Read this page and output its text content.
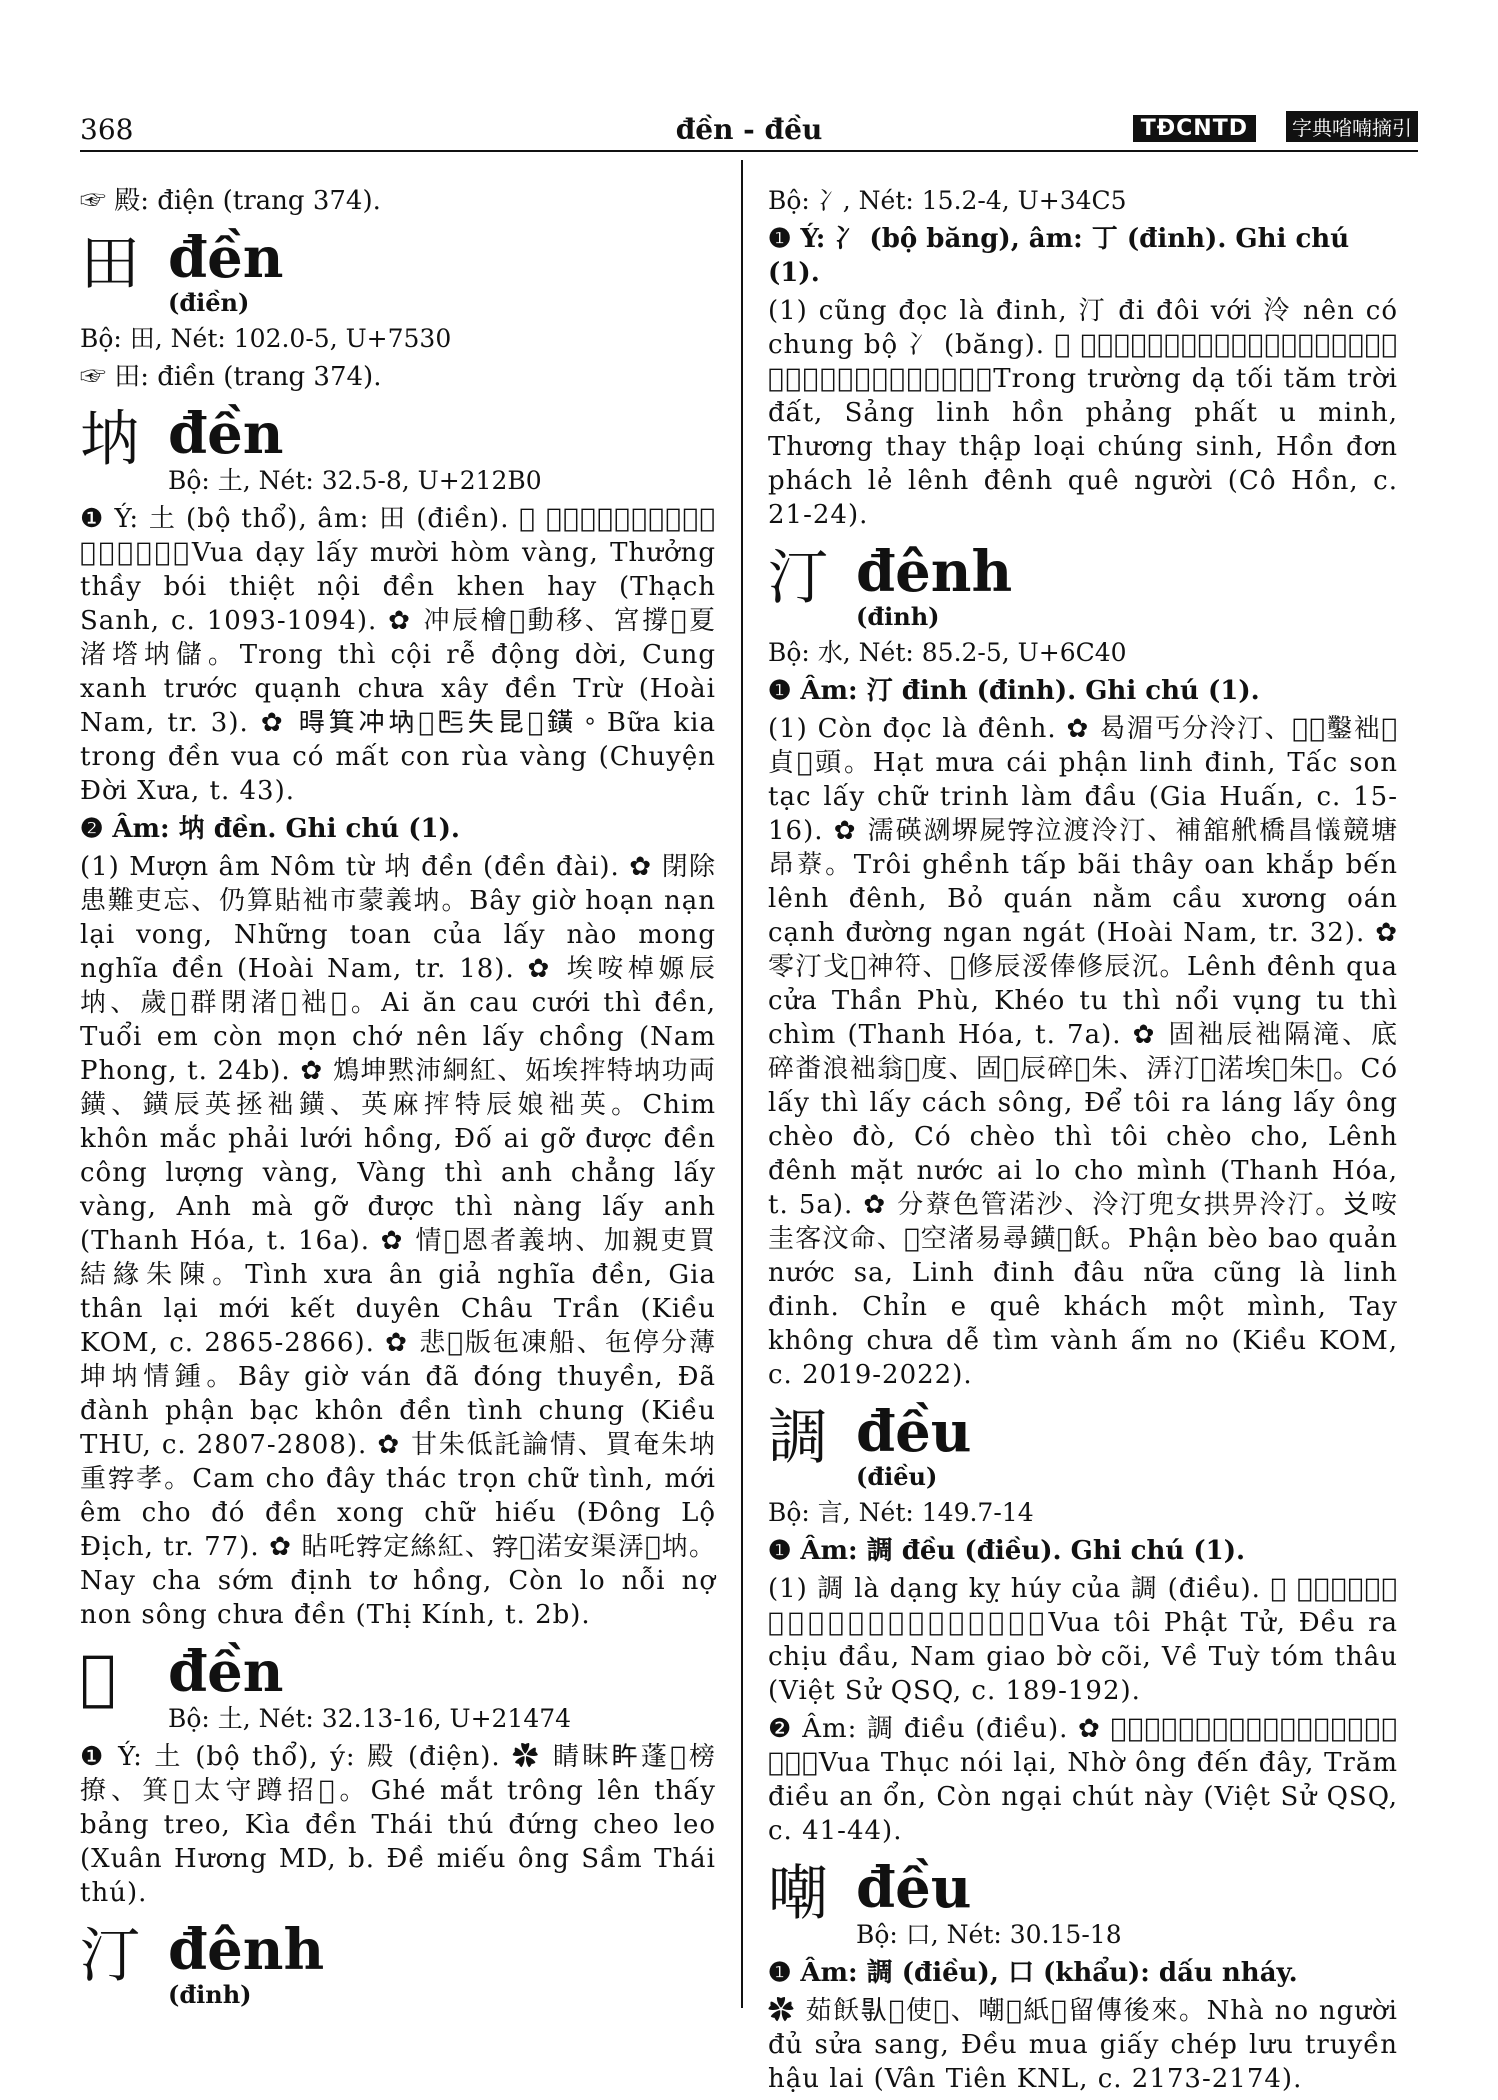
368	đền - đều	TĐCNTD	字典㗂喃摘引

☞ 殿: điện (trang 374).

田 đền
(điền)

Bộ: 田, Nét: 102.0-5, U+7530

☞ 田: điền (trang 374).

㘨 đền
Bộ: 土, Nét: 32.5-8, U+212B0

❶ Ý: 土 (bộ thổ), âm: 田 (điền). ✿ 𢬣𠰍袦𨕭𠄼鐄、賞柴𨁪實內㘨𠯹台。Vua dạy lấy mười hòm vàng, Thưởng thầy bói thiệt nội đền khen hay (Thạch Sanh, c. 1093-1094). ✿ 冲辰檜𣘈動移、宮撐𥾽夏渚㙮㘨儲。Trong thì cội rễ động dời, Cung xanh trước quạnh chưa xây đền Trừ (Hoài Nam, tr. 3). ✿ 𣈜箕冲㘨𢬣𠀧失昆𪛇鐄。Bữa kia trong đền vua có mất con rùa vàng (Chuyện Đời Xưa, t. 43).

❷ Âm: 㘨 đền. Ghi chú (1).

(1) Mượn âm Nôm từ 㘨 đền (đền đài). ✿ 閉除患難吏忘、仍算貼袦市蒙義㘨。Bây giờ hoạn nạn lại vong, Những toan của lấy nào mong nghĩa đền (Hoài Nam, tr. 18). ✿ 埃咹棹嫄辰㘨、歲𡛔群閉渚𤵺袦𡥵。Ai ăn cau cưới thì đền, Tuổi em còn mọn chớ nên lấy chồng (Nam Phong, t. 24b). ✿ 鴆坤黙沛絅紅、妬埃𢭂特㘨功両鐄、鐄辰英拯袦鐄、英麻𢭂特辰娘袦英。Chim khôn mắc phải lưới hồng, Đố ai gỡ được đền công lượng vàng, Vàng thì anh chẳng lấy vàng, Anh mà gỡ được thì nàng lấy anh (Thanh Hóa, t. 16a). ✿ 情𠸗恩者義㘨、加親吏買結緣朱陳。Tình xưa ân giả nghĩa đền, Gia thân lại mới kết duyên Châu Trần (Kiều KOM, c. 2865-2866). ✿ 悲𣇞版㐌凍船、㐌停分薄坤㘨情鍾。Bây giờ ván đã đóng thuyền, Đã đành phận bạc khôn đền tình chung (Kiều THU, c. 2807-2808). ✿ 甘朱低託論情、買奄朱㘨重𡦂孝。Cam cho đây thác trọn chữ tình, mới êm cho đó đền xong chữ hiếu (Đông Lộ Địch, tr. 77). ✿ 䀡吒𡦂定絲紅、𡦂𢚸渃安渠㳥𡗶㘨。Nay cha sớm định tơ hồng, Còn lo nỗi nợ non sông chưa đền (Thị Kính, t. 2b).

𡐙 đền
Bộ: 土, Nét: 32.13-16, U+21474

❶ Ý: 土 (bộ thổ), ý: 殿 (điện). ✿ 睛眜𥄭蓬𧡊榜撩、箕𡐙太守蹲招𧿆。Ghé mắt trông lên thấy bảng treo, Kìa đền Thái thú đứng cheo leo (Xuân Hương MD, b. Đề miếu ông Sầm Thái thú).

汀 đênh
(đinh)

Bộ: 冫, Nét: 15.2-4, U+34C5

❶ Ý: 冫 (bộ băng), âm: 丁 (đinh). Ghi chú (1).

(1) cũng đọc là đinh, 汀 đi đôi với 泠 nên có chung bộ 冫 (băng). ✿ 𠻵長夜最心𥐥坦、爽靈魂彷彿幽冥、傷台十類眾生、魂單魄禮泠汀圭𠊚。Trong trường dạ tối tăm trời đất, Sảng linh hồn phảng phất u minh, Thương thay thập loại chúng sinh, Hồn đơn phách lẻ lênh đênh quê người (Cô Hồn, c. 21-24).

汀 đênh
(đinh)

Bộ: 水, Nét: 85.2-5, U+6C40

❶ Âm: 汀 đinh (đinh). Ghi chú (1).

(1) Còn đọc là đênh. ✿ 曷湄丐分泠汀、𦲿𦀼鑿袦𡨹貞𡗉頭。Hạt mưa cái phận linh đinh, Tấc son tạc lấy chữ trinh làm đầu (Gia Huấn, c. 15-16). ✿ 濡碤𣸠堺屍𡨸泣渡泠汀、補舘𦨮橋昌𢣂競塘昂𦼔。Trôi ghềnh tấp bãi thây oan khắp bến lênh đênh, Bỏ quán nằm cầu xương oán cạnh đường ngan ngát (Hoài Nam, tr. 32). ✿ 零汀戈𦋦神符、𥪝修辰浽俸修辰沉。Lênh đênh qua cửa Thần Phù, Khéo tu thì nổi vụng tu thì chìm (Thanh Hóa, t. 7a). ✿ 固袦辰袦隔滝、底碎畨浪袦翁𢭮度、固𢭮辰碎𢭮朱、㳥汀𩈘渃埃𢚸朱𨉓。Có lấy thì lấy cách sông, Để tôi ra láng lấy ông chèo đò, Có chèo thì tôi chèo cho, Lênh đênh mặt nước ai lo cho mình (Thanh Hóa, t. 5a). ✿ 分𦼔色管渃沙、泠汀兜女拱畀泠汀。𠬠咹圭客汶命、𢬣空渚易尋鐄𩛷飫。Phận bèo bao quản nước sa, Linh đinh đâu nữa cũng là linh đinh. Chỉn e quê khách một mình, Tay không chưa dễ tìm vành ấm no (Kiều KOM, c. 2019-2022).

調 đều
(điều)

Bộ: 言, Nét: 149.7-14

❶ Âm: 調 đều (điều). Ghi chú (1).

(1) 調 là dạng kỵ húy của 調 (điều). ✿ 𢬣碎佛子、調𨁡𢮿投、南交坡堺、𢭮隋𢯦收。Vua tôi Phật Tử, Đều ra chịu đầu, Nam giao bờ cõi, Về Tuỳ tóm thâu (Việt Sử QSQ, c. 189-192).

❷ Âm: 調 điều (điều). ✿ 𢬣蜀吶吏、𠅍翁典低、𤾓調安穩、群礙𡭧尼。Vua Thục nói lại, Nhờ ông đến đây, Trăm điều an ổn, Còn ngại chút này (Việt Sử QSQ, c. 41-44).

嘲 đều
Bộ: 口, Nét: 30.15-18

❶ Âm: 調 (điều), 口 (khẩu): dấu nháy.

✿ 茹飫𠊛𠹾使𨔈、嘲𧵑紙𢪀留傳後來。Nhà no người đủ sửa sang, Đều mua giấy chép lưu truyền hậu lai (Vân Tiên KNL, c. 2173-2174).
